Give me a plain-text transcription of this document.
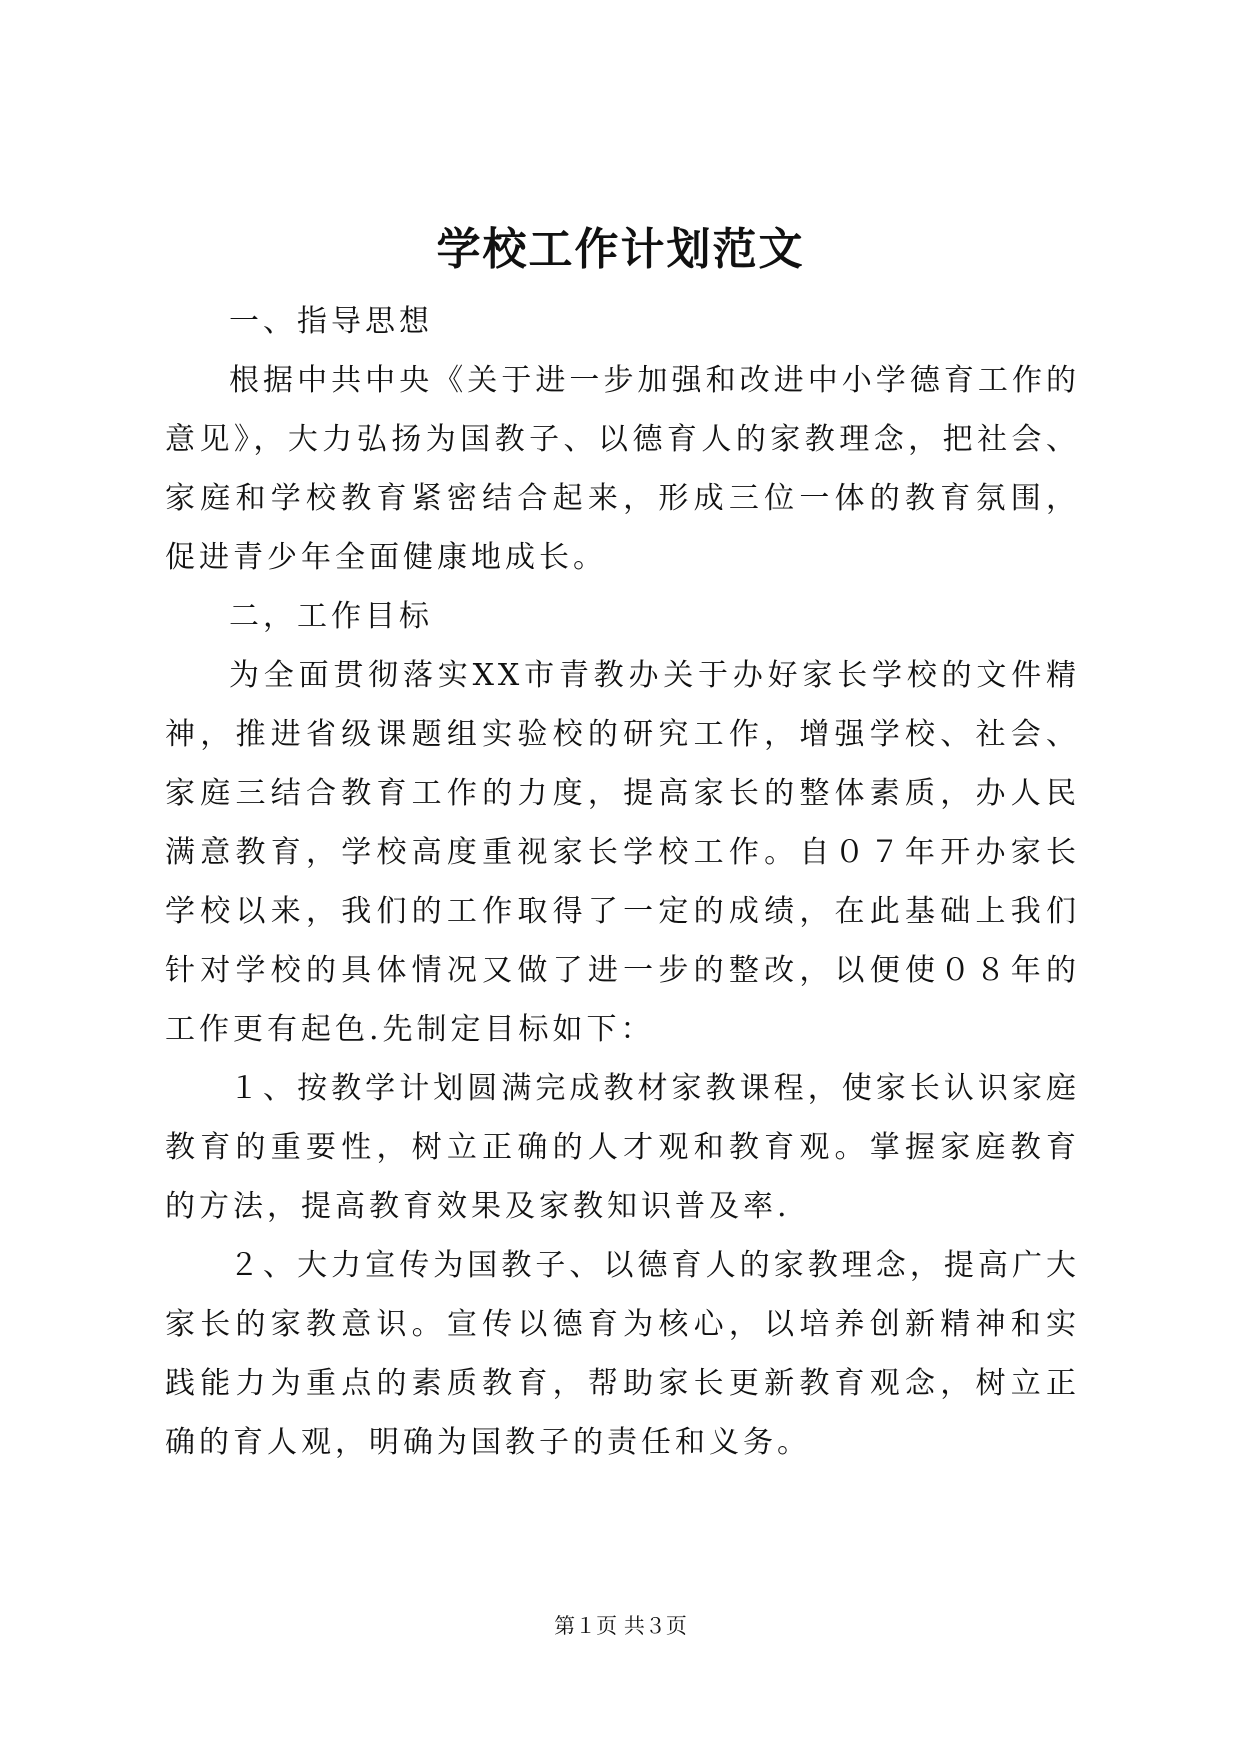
学校工作计划范文

一、指导思想

根据中共中央《关于进一步加强和改进中小学德育工作的意见》，大力弘扬为国教子、以德育人的家教理念，把社会、家庭和学校教育紧密结合起来，形成三位一体的教育氛围，促进青少年全面健康地成长。

二，工作目标

为全面贯彻落实XX市青教办关于办好家长学校的文件精神，推进省级课题组实验校的研究工作，增强学校、社会、家庭三结合教育工作的力度，提高家长的整体素质，办人民满意教育，学校高度重视家长学校工作。自０７年开办家长学校以来，我们的工作取得了一定的成绩，在此基础上我们针对学校的具体情况又做了进一步的整改，以便使０８年的工作更有起色.先制定目标如下：

１、按教学计划圆满完成教材家教课程，使家长认识家庭教育的重要性，树立正确的人才观和教育观。掌握家庭教育的方法，提高教育效果及家教知识普及率.

２、大力宣传为国教子、以德育人的家教理念，提高广大家长的家教意识。宣传以德育为核心，以培养创新精神和实践能力为重点的素质教育，帮助家长更新教育观念，树立正确的育人观，明确为国教子的责任和义务。

第１页 共３页
